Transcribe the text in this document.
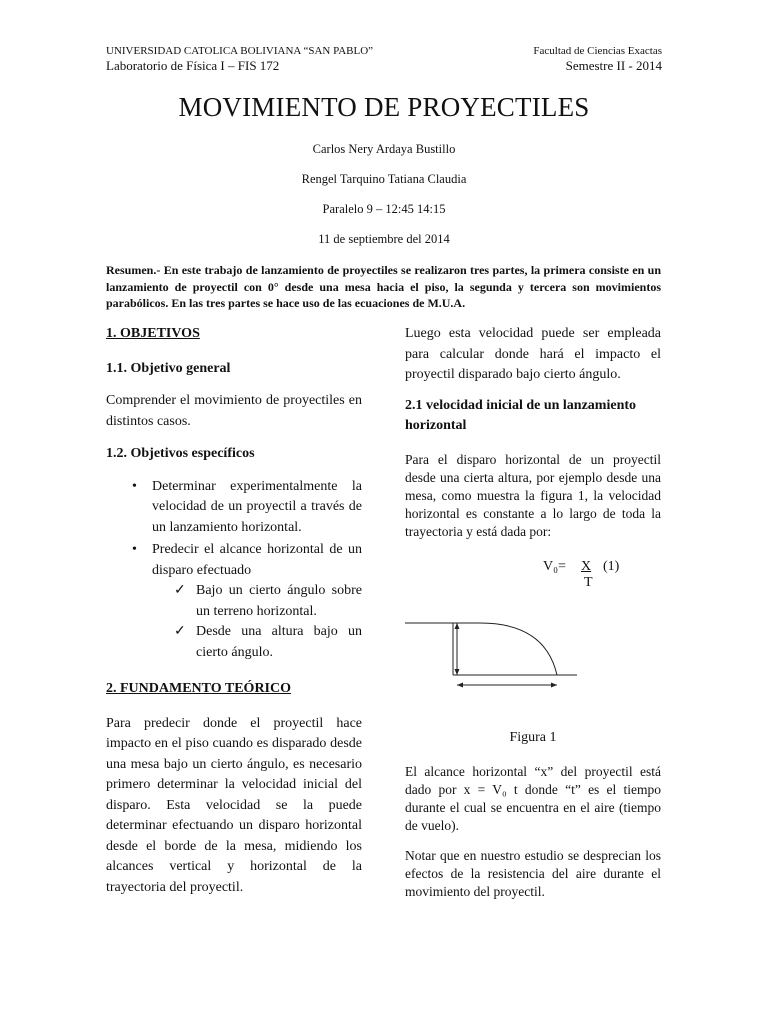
UNIVERSIDAD CATOLICA BOLIVIANA “SAN PABLO”
Laboratorio de Física I – FIS 172
Facultad de Ciencias Exactas
Semestre II - 2014
MOVIMIENTO DE PROYECTILES
Carlos Nery Ardaya Bustillo
Rengel Tarquino Tatiana Claudia
Paralelo 9 – 12:45 14:15
11 de septiembre del 2014
Resumen.- En este trabajo de lanzamiento de proyectiles se realizaron tres partes, la primera consiste en un lanzamiento de proyectil con 0° desde una mesa hacia el piso, la segunda y tercera son movimientos parabólicos. En las tres partes se hace uso de las ecuaciones de M.U.A.
1. OBJETIVOS
1.1. Objetivo general
Comprender el movimiento de proyectiles en distintos casos.
1.2. Objetivos específicos
• Determinar experimentalmente la velocidad de un proyectil a través de un lanzamiento horizontal.
• Predecir el alcance horizontal de un disparo efectuado
✓ Bajo un cierto ángulo sobre un terreno horizontal.
✓ Desde una altura bajo un cierto ángulo.
2. FUNDAMENTO TEÓRICO
Para predecir donde el proyectil hace impacto en el piso cuando es disparado desde una mesa bajo un cierto ángulo, es necesario primero determinar la velocidad inicial del disparo. Esta velocidad se la puede determinar efectuando un disparo horizontal desde el borde de la mesa, midiendo los alcances vertical y horizontal de la trayectoria del proyectil.
Luego esta velocidad puede ser empleada para calcular donde hará el impacto el proyectil disparado bajo cierto ángulo.
2.1 velocidad inicial de un lanzamiento horizontal
Para el disparo horizontal de un proyectil desde una cierta altura, por ejemplo desde una mesa, como muestra la figura 1, la velocidad horizontal es constante a lo largo de toda la trayectoria y está dada por:
V₀= X
T
(1)
Figura 1
El alcance horizontal “x” del proyectil está dado por x = V₀ t donde “t” es el tiempo durante el cual se encuentra en el aire (tiempo de vuelo).
Notar que en nuestro estudio se desprecian los efectos de la resistencia del aire durante el movimiento del proyectil.
